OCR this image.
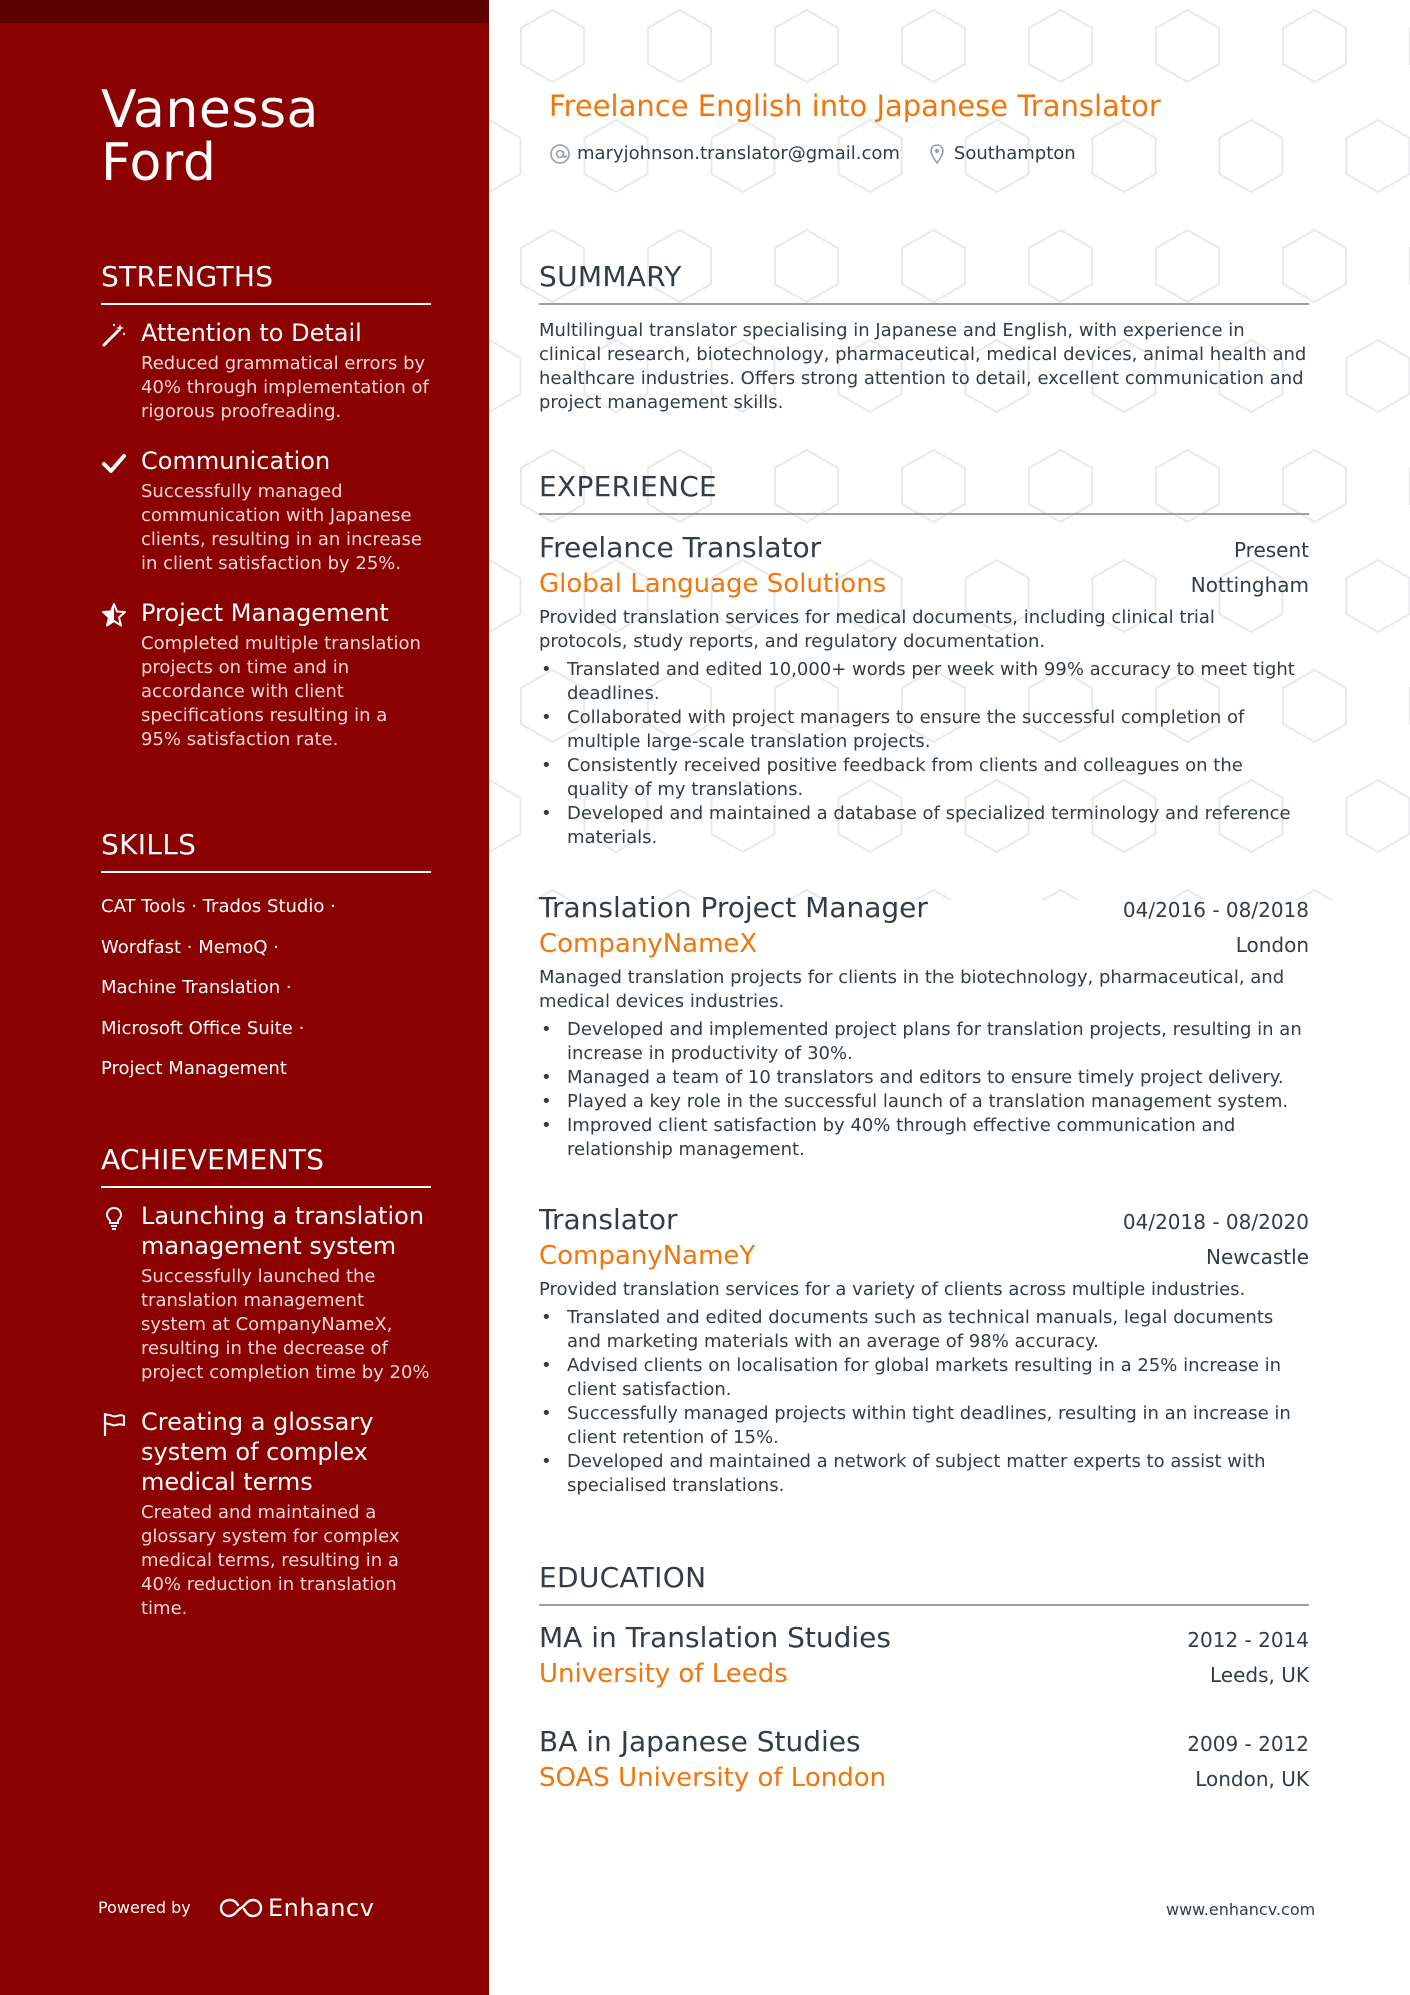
Vanessa
Ford
STRENGTHS
Attention to Detail
Reduced grammatical errors by 40% through implementation of rigorous proofreading.
Communication
Successfully managed communication with Japanese clients, resulting in an increase in client satisfaction by 25%.
Project Management
Completed multiple translation projects on time and in accordance with client specifications resulting in a 95% satisfaction rate.
SKILLS
CAT Tools · Trados Studio ·
Wordfast · MemoQ ·
Machine Translation ·
Microsoft Office Suite ·
Project Management
ACHIEVEMENTS
Launching a translation management system
Successfully launched the translation management system at CompanyNameX, resulting in the decrease of project completion time by 20%
Creating a glossary system of complex medical terms
Created and maintained a glossary system for complex medical terms, resulting in a 40% reduction in translation time.
Powered by	Enhancv
Freelance English into Japanese Translator
maryjohnson.translator@gmail.com	Southampton
SUMMARY
Multilingual translator specialising in Japanese and English, with experience in clinical research, biotechnology, pharmaceutical, medical devices, animal health and healthcare industries. Offers strong attention to detail, excellent communication and project management skills.
EXPERIENCE
Freelance Translator	Present
Global Language Solutions	Nottingham
Provided translation services for medical documents, including clinical trial protocols, study reports, and regulatory documentation.
• Translated and edited 10,000+ words per week with 99% accuracy to meet tight deadlines.
• Collaborated with project managers to ensure the successful completion of multiple large-scale translation projects.
• Consistently received positive feedback from clients and colleagues on the quality of my translations.
• Developed and maintained a database of specialized terminology and reference materials.
Translation Project Manager	04/2016 - 08/2018
CompanyNameX	London
Managed translation projects for clients in the biotechnology, pharmaceutical, and medical devices industries.
• Developed and implemented project plans for translation projects, resulting in an increase in productivity of 30%.
• Managed a team of 10 translators and editors to ensure timely project delivery.
• Played a key role in the successful launch of a translation management system.
• Improved client satisfaction by 40% through effective communication and relationship management.
Translator	04/2018 - 08/2020
CompanyNameY	Newcastle
Provided translation services for a variety of clients across multiple industries.
• Translated and edited documents such as technical manuals, legal documents and marketing materials with an average of 98% accuracy.
• Advised clients on localisation for global markets resulting in a 25% increase in client satisfaction.
• Successfully managed projects within tight deadlines, resulting in an increase in client retention of 15%.
• Developed and maintained a network of subject matter experts to assist with specialised translations.
EDUCATION
MA in Translation Studies	2012 - 2014
University of Leeds	Leeds, UK
BA in Japanese Studies	2009 - 2012
SOAS University of London	London, UK
www.enhancv.com
